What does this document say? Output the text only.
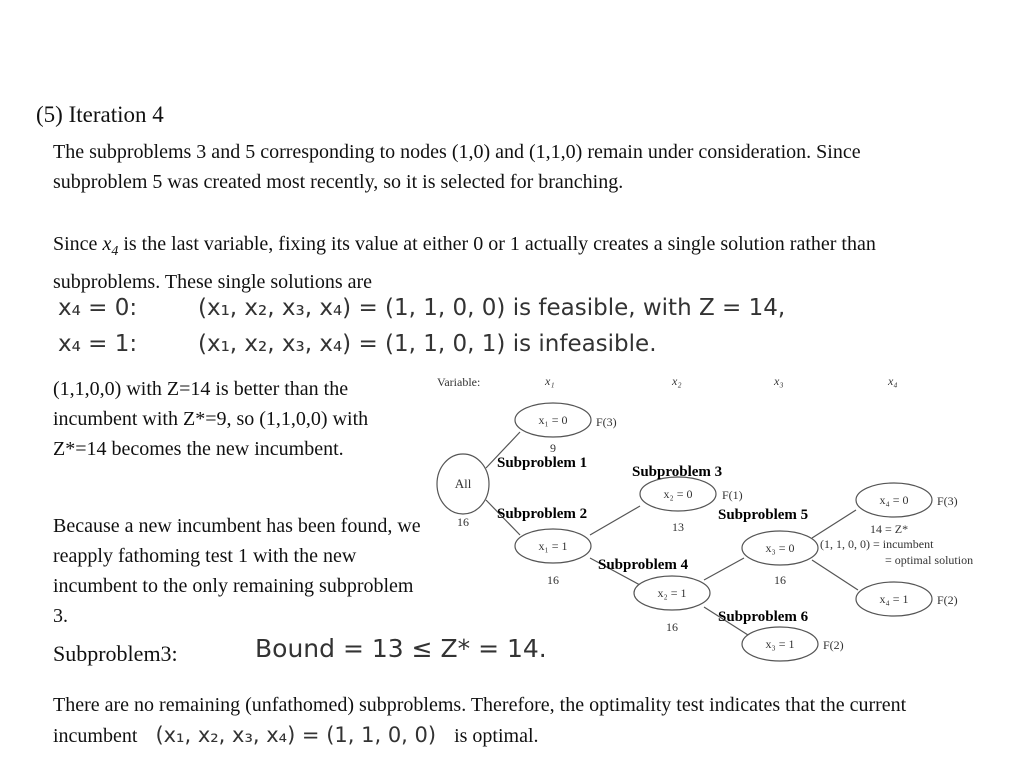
(5) Iteration 4
The subproblems 3 and 5 corresponding to nodes (1,0) and (1,1,0) remain under consideration. Since subproblem 5 was created most recently, so it is selected for branching.
Since $x_4$ is the last variable, fixing its value at either 0 or 1 actually creates a single solution rather than subproblems. These single solutions are
x₄ = 0:	(x₁, x₂, x₃, x₄) = (1, 1, 0, 0) is feasible, with Z = 14,
x₄ = 1:	(x₁, x₂, x₃, x₄) = (1, 1, 0, 1) is infeasible.
(1,1,0,0) with Z=14 is better than the incumbent with Z*=9, so (1,1,0,0) with Z*=14 becomes the new incumbent.
Because a new incumbent has been found, we reapply fathoming test 1 with the new incumbent to the only remaining subproblem 3.
Subproblem3:	Bound = 13 ≤ Z* = 14.
There are no remaining (unfathomed) subproblems. Therefore, the optimality test indicates that the current incumbent (x₁, x₂, x₃, x₄) = (1, 1, 0, 0) is optimal.
Variable:	x₁	x₂	x₃	x₄
All
16
x₁ = 0 F(3)
9
x₁ = 1
16
x₂ = 0 F(1)
13
x₂ = 1
16
x₃ = 0
16
x₃ = 1 F(2)
x₄ = 0 F(3)
x₄ = 1 F(2)
14 = Z*
(1, 1, 0, 0) = incumbent
= optimal solution
Subproblem 1
Subproblem 3
Subproblem 2	Subproblem 5
Subproblem 4
Subproblem 6
